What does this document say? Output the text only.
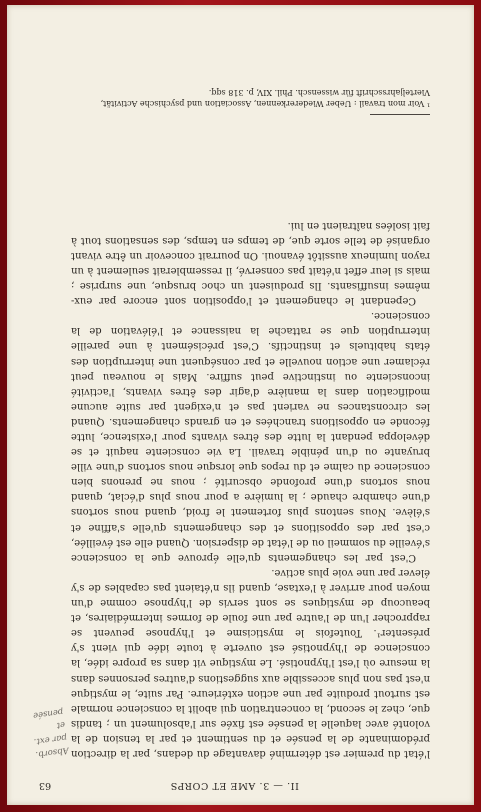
II. — 3. AME ET CORPS
63

l'état du premier est déterminé davantage du dedans, par la direction prédominante de la pensée et du sentiment et par la tension de la volonté avec laquelle la pensée est fixée sur l'absolument un ; tandis que, chez le second, la concentration qui abolit la conscience normale est surtout produite par une action extérieure. Par suite, le mystique n'est pas non plus accessible aux suggestions d'autres personnes dans la mesure où l'est l'hypnotisé. Le mystique vit dans sa propre idée, la conscience de l'hypnotisé est ouverte à toute idée qui vient s'y présenter¹. Toutefois le mysticisme et l'hypnose peuvent se rapprocher l'un de l'autre par une foule de formes intermédiaires, et beaucoup de mystiques se sont servis de l'hypnose comme d'un moyen pour arriver à l'extase, quand ils n'étaient pas capables de s'y élever par une voie plus active.

C'est par les changements qu'elle éprouve que la conscience s'éveille du sommeil ou de l'état de dispersion. Quand elle est éveillée, c'est par des oppositions et des changements qu'elle s'affine et s'élève. Nous sentons plus fortement le froid, quand nous sortons d'une chambre chaude ; la lumière a pour nous plus d'éclat, quand nous sortons d'une profonde obscurité ; nous ne prenons bien conscience du calme et du repos que lorsque nous sortons d'une ville bruyante ou d'un pénible travail. La vie consciente naquit et se développa pendant la lutte des êtres vivants pour l'existence, lutte féconde en oppositions tranchées et en grands changements. Quand les circonstances ne varient pas et n'exigent par suite aucune modification dans la manière d'agir des êtres vivants, l'activité inconsciente ou instinctive peut suffire. Mais le nouveau peut réclamer une action nouvelle et par conséquent une interruption des états habituels et instinctifs. C'est précisément à une pareille interruption que se rattache la naissance et l'élévation de la conscience.

Cependant le changement et l'opposition sont encore par eux-mêmes insuffisants. Ils produisent un choc brusque, une surprise ; mais si leur effet n'était pas conservé, il ressemblerait seulement à un rayon lumineux aussitôt évanoui. On pourrait concevoir un être vivant organisé de telle sorte que, de temps en temps, des sensations tout à fait isolées naîtraient en lui.

¹ Voir mon travail : Ueber Wiedererkennen, Association und psychische Activität, Vierteljahrsschrift für wissensch. Phil. XIV, p. 318 sqq.
Absorb.
par ext.
et
pensée
